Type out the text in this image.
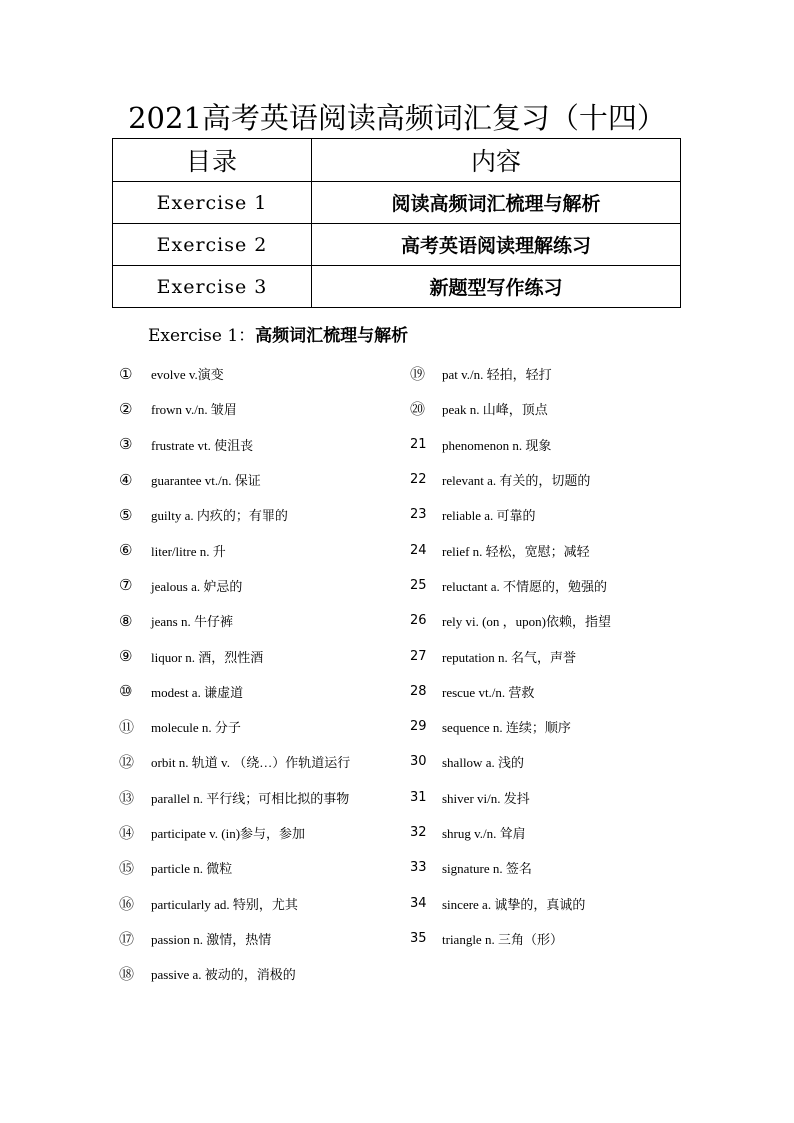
2021高考英语阅读高频词汇复习（十四）
目录	内容
Exercise 1	阅读高频词汇梳理与解析
Exercise 2	高考英语阅读理解练习
Exercise 3	新题型写作练习
Exercise 1：高频词汇梳理与解析
①	evolve v.演变
②	frown v./n. 皱眉
③	frustrate vt. 使沮丧
④	guarantee vt./n. 保证
⑤	guilty a. 内疚的；有罪的
⑥	liter/litre n. 升
⑦	jealous a. 妒忌的
⑧	jeans n. 牛仔裤
⑨	liquor n. 酒，烈性酒
⑩	modest a. 谦虚道
⑪	molecule n. 分子
⑫	orbit n. 轨道 v. （绕…）作轨道运行
⑬	parallel n. 平行线；可相比拟的事物
⑭	participate v. (in)参与，参加
⑮	particle n. 微粒
⑯	particularly ad. 特别，尤其
⑰	passion n. 激情，热情
⑱	passive a. 被动的，消极的
⑲	pat v./n. 轻拍，轻打
⑳	peak n. 山峰，顶点
21	phenomenon n. 现象
22	relevant a. 有关的，切题的
23	reliable a. 可靠的
24	relief n. 轻松，宽慰；减轻
25	reluctant a. 不情愿的，勉强的
26	rely vi. (on ，upon)依赖，指望
27	reputation n. 名气，声誉
28	rescue vt./n. 营救
29	sequence n. 连续；顺序
30	shallow a. 浅的
31	shiver vi/n. 发抖
32	shrug v./n. 耸肩
33	signature n. 签名
34	sincere a. 诚挚的，真诚的
35	triangle n. 三角（形）
